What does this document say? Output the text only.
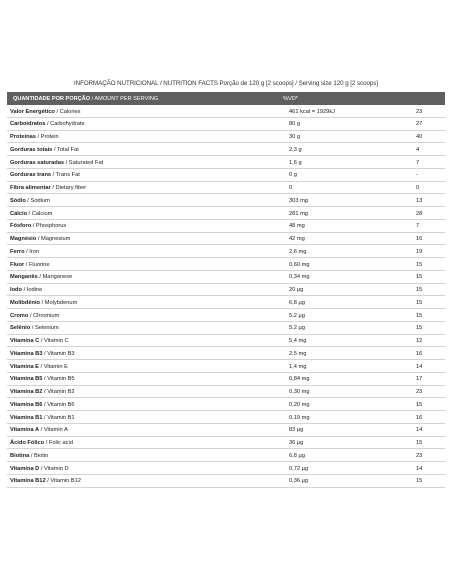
INFORMAÇÃO NUTRICIONAL / NUTRITION FACTS Porção de 120 g [2 scoops] / Serving size 120 g [2 scoops]
QUANTIDADE POR PORÇÃO / AMOUNT PER SERVING	%VD*
Valor Energético / Calories	461 kcal = 1929kJ	23
Carboidratos / Carbohydrate	80 g	27
Proteínas / Protein	30 g	40
Gorduras totais / Total Fat	2,3 g	4
Gorduras saturadas / Saturated Fat	1,6 g	7
Gorduras trans / Trans Fat	0 g	-
Fibra alimentar / Dietary fiber	0	0
Sódio / Sodium	303 mg	13
Cálcio / Calcium	281 mg	28
Fósforo / Phosphorus	48 mg	7
Magnésio / Magnesium	42 mg	16
Ferro / Iron	2,6 mg	19
Fluor / Fluorine	0,60 mg	15
Manganês / Manganese	0,34 mg	15
Iodo / Iodine	20 µg	15
Molibdênio / Molybdenum	6,8 µg	15
Cromo / Chromium	5,2 µg	15
Selênio / Selenium	5,2 µg	15
Vitamina C / Vitamin C	5,4 mg	12
Vitamina B3 / Vitamin B3	2,5 mg	16
Vitamina E / Vitamin E	1,4 mg	14
Vitamina B5 / Vitamin B5	0,84 mg	17
Vitamina B2 / Vitamin B2	0,30 mg	23
Vitamina B6 / Vitamin B6	0,20 mg	15
Vitamina B1 / Vitamin B1	0,19 mg	16
Vitamina A / Vitamin A	83 µg	14
Ácido Fólico / Folic acid	36 µg	15
Biotina / Biotin	6,8 µg	23
Vitamina D / Vitamin D	0,72 µg	14
Vitamina B12 / Vitamin B12	0,36 µg	15
